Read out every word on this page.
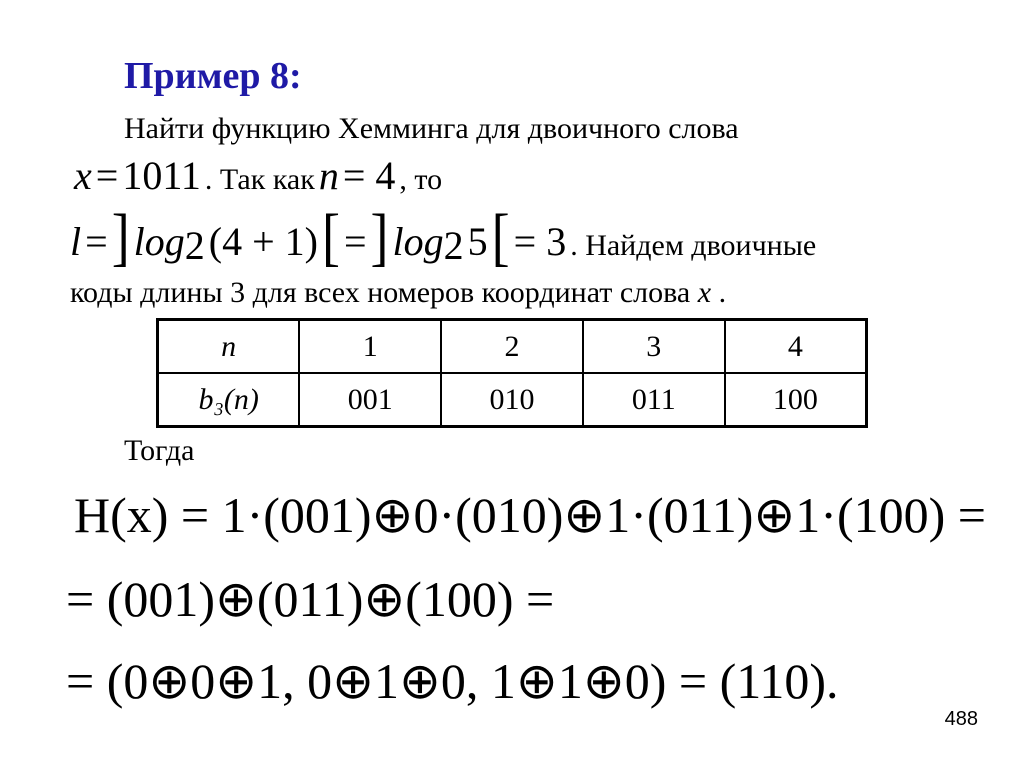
Пример 8:
Найти функцию Хемминга для двоичного слова
x = 1011 . Так как n = 4 , то
l = ] $\log_2 (4 + 1)$ [ = ] $\log_2 5$ [ = 3 . Найдем двоичные
коды длины 3 для всех номеров координат слова x .
n	1	2	3	4
b₃(n)	001	010	011	100
Тогда
H(x) = 1·(001)⊕0·(010)⊕1·(011)⊕1·(100) =
= (001)⊕(011)⊕(100) =
= (0⊕0⊕1, 0⊕1⊕0, 1⊕1⊕0) = (110).
488
